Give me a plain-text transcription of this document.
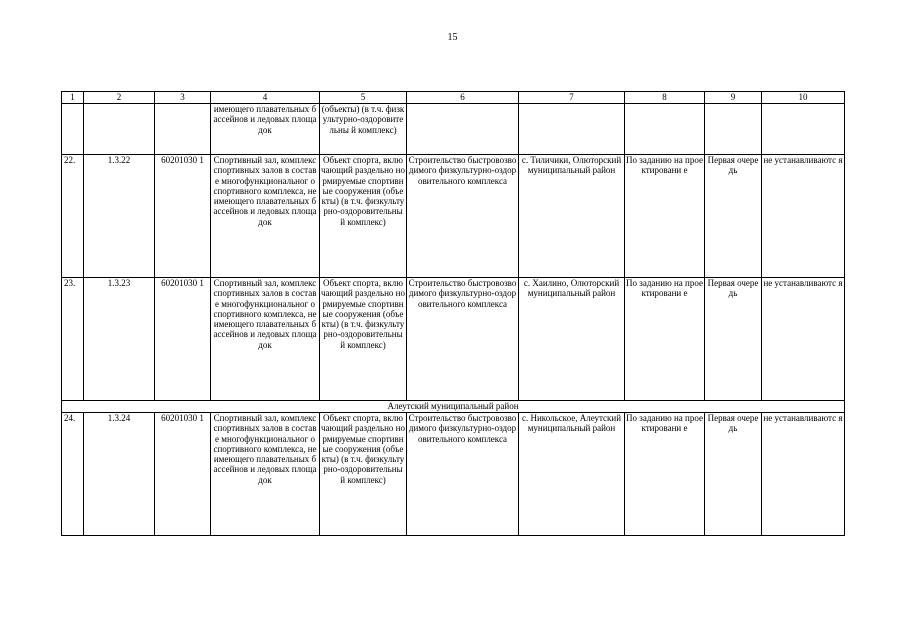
15
1	2	3	4	5	6	7	8	9	10
			имеющего плавательных бассейнов и ледовых площадок	(объекты) (в т.ч. физкультурно-оздоровительны й комплекс)					
22.	1.3.22	60201030 1	Спортивный зал, комплекс спортивных залов в составе многофункциональног о спортивного комплекса, не имеющего плавательных бассейнов и ледовых площадок	Объект спорта, включающий раздельно нормируемые спортивные сооружения (объекты) (в т.ч. физкультурно-оздоровительны й комплекс)	Строительство быстровозводимого физкультурно-оздоровительного комплекса	с. Тиличики, Олюторский муниципальный район	По заданию на проектировани е	Первая очередь	не устанавливаютс я
23.	1.3.23	60201030 1	Спортивный зал, комплекс спортивных залов в составе многофункциональног о спортивного комплекса, не имеющего плавательных бассейнов и ледовых площадок	Объект спорта, включающий раздельно нормируемые спортивные сооружения (объекты) (в т.ч. физкультурно-оздоровительны й комплекс)	Строительство быстровозводимого физкультурно-оздоровительного комплекса	с. Хаилино, Олюторский муниципальный район	По заданию на проектировани е	Первая очередь	не устанавливаютс я
Алеутский муниципальный район									
24.	1.3.24	60201030 1	Спортивный зал, комплекс спортивных залов в составе многофункциональног о спортивного комплекса, не имеющего плавательных бассейнов и ледовых площадок	Объект спорта, включающий раздельно нормируемые спортивные сооружения (объекты) (в т.ч. физкультурно-оздоровительны й комплекс)	Строительство быстровозводимого физкультурно-оздоровительного комплекса	с. Никольское, Алеутский муниципальный район	По заданию на проектировани е	Первая очередь	не устанавливаютс я
